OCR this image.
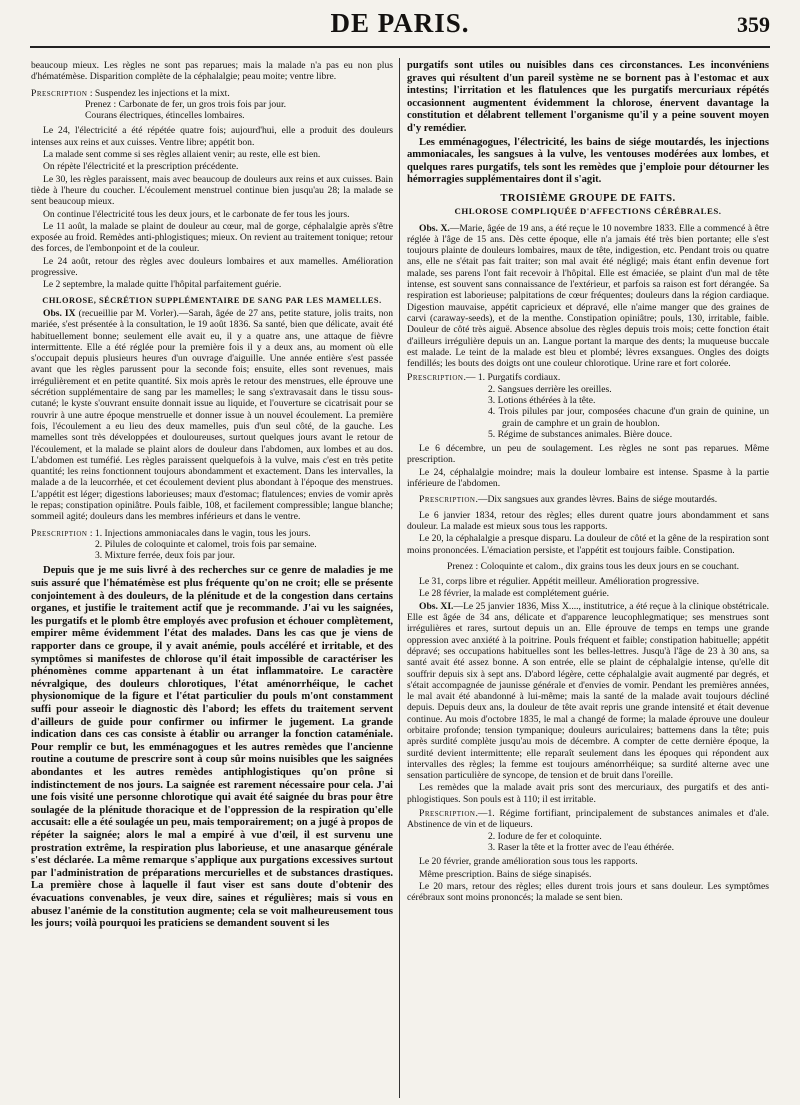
DE PARIS.	359

beaucoup mieux. Les règles ne sont pas reparues; mais la malade n'a pas eu non plus d'hématémèse. Disparition complète de la céphalalgie; peau moite; ventre libre.

Prescription : Suspendez les injections et la mixt.
Prenez : Carbonate de fer, un gros trois fois par jour.
Courans électriques, étincelles lombaires.

Le 24, l'électricité a été répétée quatre fois; aujourd'hui, elle a produit des douleurs intenses aux reins et aux cuisses. Ventre libre; appétit bon.

La malade sent comme si ses règles allaient venir; au reste, elle est bien.

On répète l'électricité et la prescription précédente.

Le 30, les règles paraissent, mais avec beaucoup de douleurs aux reins et aux cuisses. Bain tiède à l'heure du coucher. L'écoulement menstruel continue bien jusqu'au 28; la malade se sent beaucoup mieux.

On continue l'électricité tous les deux jours, et le carbonate de fer tous les jours.

Le 11 août, la malade se plaint de douleur au cœur, mal de gorge, céphalalgie après s'être exposée au froid. Remèdes anti-phlogistiques; mieux. On revient au traitement tonique; retour des forces, de l'embonpoint et de la couleur.

Le 24 août, retour des règles avec douleurs lombaires et aux mamelles. Amélioration progressive.

Le 2 septembre, la malade quitte l'hôpital parfaitement guérie.

CHLOROSE, SÉCRÉTION SUPPLÉMENTAIRE DE SANG PAR LES MAMELLES.

Obs. IX (recueillie par M. Vorler).—Sarah, âgée de 27 ans, petite stature, jolis traits, non mariée, s'est présentée à la consultation, le 19 août 1836. Sa santé, bien que délicate, avait été habituellement bonne; seulement elle avait eu, il y a quatre ans, une attaque de fièvre intermittente. Elle a été réglée pour la première fois il y a deux ans, au moment où elle s'occupait depuis plusieurs heures d'un ouvrage d'aiguille. Une année entière s'est passée avant que les règles parussent pour la seconde fois; ensuite, elles sont revenues, mais irrégulièrement et en petite quantité. Six mois après le retour des menstrues, elle éprouve une sécrétion supplémentaire de sang par les mamelles; le sang s'extravasait dans le tissu sous-cutané; le kyste s'ouvrant ensuite donnait issue au liquide, et l'ouverture se cicatrisait pour se rouvrir à une autre époque menstruelle et donner issue à un nouvel écoulement. La première fois, l'écoulement a eu lieu des deux mamelles, puis d'un seul côté, de la gauche. Les mamelles sont très développées et douloureuses, surtout quelques jours avant le retour de l'écoulement, et la malade se plaint alors de douleur dans l'abdomen, aux lombes et au dos. L'abdomen est tuméfié. Les règles paraissent quelquefois à la vulve, mais c'est en très petite quantité; les reins fonctionnent toujours abondamment et exactement. Dans les intervalles, la malade a de la leucorrhée, et cet écoulement devient plus abondant à l'époque des menstrues. L'appétit est léger; digestions laborieuses; maux d'estomac; flatulences; envies de vomir après le repas; constipation opiniâtre. Pouls faible, 108, et facilement compressible; langue blanche; sommeil agité; douleurs dans les membres inférieurs et dans le ventre.

Prescription : 1. Injections ammoniacales dans le vagin, tous les jours.
2. Pilules de coloquinte et calomel, trois fois par semaine.
3. Mixture ferrée, deux fois par jour.

Depuis que je me suis livré à des recherches sur ce genre de maladies je me suis assuré que l'hématémèse est plus fréquente qu'on ne croit; elle se présente conjointement à des douleurs, de la plénitude et de la congestion dans certains organes, et justifie le traitement actif que je recommande. J'ai vu les saignées, les purgatifs et le plomb être employés avec profusion et échouer complètement, empirer même évidemment l'état des malades. Dans les cas que je viens de rapporter dans ce groupe, il y avait anémie, pouls accéléré et irritable, et des symptômes si manifestes de chlorose qu'il était impossible de caractériser les phénomènes comme appartenant à un état inflammatoire. Le caractère névralgique, des douleurs chlorotiques, l'état aménorrhéique, le cachet physionomique de la figure et l'état particulier du pouls m'ont constamment suffi pour asseoir le diagnostic dès l'abord; les effets du traitement servent d'ailleurs de guide pour confirmer ou infirmer le jugement. La grande indication dans ces cas consiste à établir ou arranger la fonction cataméniale. Pour remplir ce but, les emménagogues et les autres remèdes que l'ancienne routine a coutume de prescrire sont à coup sûr moins nuisibles que les saignées abondantes et les autres remèdes antiphlogistiques qu'on prône si indistinctement de nos jours. La saignée est rarement nécessaire pour cela. J'ai une fois visité une personne chlorotique qui avait été saignée du bras pour être soulagée de la plénitude thoracique et de l'oppression de la respiration qu'elle accusait: elle a été soulagée un peu, mais temporairement; on a jugé à propos de répéter la saignée; alors le mal a empiré à vue d'œil, il est survenu une prostration extrême, la respiration plus laborieuse, et une anasarque générale s'est déclarée. La même remarque s'applique aux purgations excessives surtout par l'administration de préparations mercurielles et de substances drastiques. La première chose à laquelle il faut viser est sans doute d'obtenir des évacuations convenables, je veux dire, saines et régulières; mais si vous en abusez l'anémie de la constitution augmente; cela se voit malheureusement tous les jours; voilà pourquoi les praticiens se demandent souvent si les

purgatifs sont utiles ou nuisibles dans ces circonstances. Les inconvéniens graves qui résultent d'un pareil système ne se bornent pas à l'estomac et aux intestins; l'irritation et les flatulences que les purgatifs mercuriaux répétés occasionnent augmentent évidemment la chlorose, énervent davantage la constitution et délabrent tellement l'organisme qu'il y a peine souvent moyen d'y remédier.

Les emménagogues, l'électricité, les bains de siége moutardés, les injections ammoniacales, les sangsues à la vulve, les ventouses modérées aux lombes, et quelques rares purgatifs, tels sont les remèdes que j'emploie pour détourner les hémorragies supplémentaires dont il s'agit.

TROISIÈME GROUPE DE FAITS.
CHLOROSE COMPLIQUÉE D'AFFECTIONS CÉRÉBRALES.

Obs. X.—Marie, âgée de 19 ans, a été reçue le 10 novembre 1833. Elle a commencé à être réglée à l'âge de 15 ans. Dès cette époque, elle n'a jamais été très bien portante; elle s'est toujours plainte de douleurs lombaires, maux de tête, indigestion, etc. Pendant trois ou quatre ans, elle ne s'était pas fait traiter; son mal avait été négligé; mais étant enfin devenue fort malade, ses parens l'ont fait recevoir à l'hôpital. Elle est émaciée, se plaint d'un mal de tête intense, est souvent sans connaissance de l'extérieur, et parfois sa raison est fort dérangée. Sa respiration est laborieuse; palpitations de cœur fréquentes; douleurs dans la région cardiaque. Digestion mauvaise, appétit capricieux et dépravé, elle n'aime manger que des graines de carvi (caraway-seeds), et de la menthe. Constipation opiniâtre; pouls, 130, irritable, faible. Douleur de côté très aiguë. Absence absolue des règles depuis trois mois; cette fonction était d'ailleurs irrégulière depuis un an. Langue portant la marque des dents; la muqueuse buccale est malade. Le teint de la malade est bleu et plombé; lèvres exsangues. Ongles des doigts fendillés; les bouts des doigts ont une couleur chlorotique. Urine rare et fort colorée.

Prescription.— 1. Purgatifs cordiaux.
2. Sangsues derrière les oreilles.
3. Lotions éthérées à la tête.
4. Trois pilules par jour, composées chacune d'un grain de quinine, un grain de camphre et un grain de houblon.
5. Régime de substances animales. Bière douce.

Le 6 décembre, un peu de soulagement. Les règles ne sont pas reparues. Même prescription.

Le 24, céphalalgie moindre; mais la douleur lombaire est intense. Spasme à la partie inférieure de l'abdomen.

Prescription.—Dix sangsues aux grandes lèvres. Bains de siége moutardés.

Le 6 janvier 1834, retour des règles; elles durent quatre jours abondamment et sans douleur. La malade est mieux sous tous les rapports.

Le 20, la céphalalgie a presque disparu. La douleur de côté et la gêne de la respiration sont moins prononcées. L'émaciation persiste, et l'appétit est toujours faible. Constipation.

Prenez : Coloquinte et calom., dix grains tous les deux jours en se couchant.

Le 31, corps libre et régulier. Appétit meilleur. Amélioration progressive.

Le 28 février, la malade est complétement guérie.

Obs. XI.—Le 25 janvier 1836, Miss X...., institutrice, a été reçue à la clinique obstétricale. Elle est âgée de 34 ans, délicate et d'apparence leucophlegmatique; ses menstrues sont irrégulières et rares, surtout depuis un an. Elle éprouve de temps en temps une grande oppression avec anxiété à la poitrine. Pouls fréquent et faible; constipation habituelle; appétit dépravé; ses occupations habituelles sont les belles-lettres. Jusqu'à l'âge de 23 à 30 ans, sa santé avait été assez bonne. A son entrée, elle se plaint de céphalalgie intense, qu'elle dit souffrir depuis six à sept ans. D'abord légère, cette céphalalgie avait augmenté par degrés, et s'était accompagnée de jaunisse générale et d'envies de vomir. Pendant les premières années, le mal avait été abandonné à lui-même; mais la santé de la malade avait toujours décliné depuis. Depuis deux ans, la douleur de tête avait repris une grande intensité et était devenue continue. Au mois d'octobre 1835, le mal a changé de forme; la malade éprouve une douleur orbitaire profonde; tension tympanique; douleurs auriculaires; battemens dans la tête; puis après surdité complète jusqu'au mois de décembre. A compter de cette dernière époque, la surdité devient intermittente; elle reparaît seulement dans les époques qui répondent aux intervalles des règles; la femme est toujours aménorrhéique; sa surdité alterne avec une sensation particulière de syncope, de tension et de bruit dans l'oreille.

Les remèdes que la malade avait pris sont des mercuriaux, des purgatifs et des anti-phlogistiques. Son pouls est à 110; il est irritable.

Prescription.—1. Régime fortifiant, principalement de substances animales et d'ale. Abstinence de vin et de liqueurs.
2. Iodure de fer et coloquinte.
3. Raser la tête et la frotter avec de l'eau éthérée.

Le 20 février, grande amélioration sous tous les rapports.

Même prescription. Bains de siége sinapisés.

Le 20 mars, retour des règles; elles durent trois jours et sans douleur. Les symptômes cérébraux sont moins prononcés; la malade se sent bien.
